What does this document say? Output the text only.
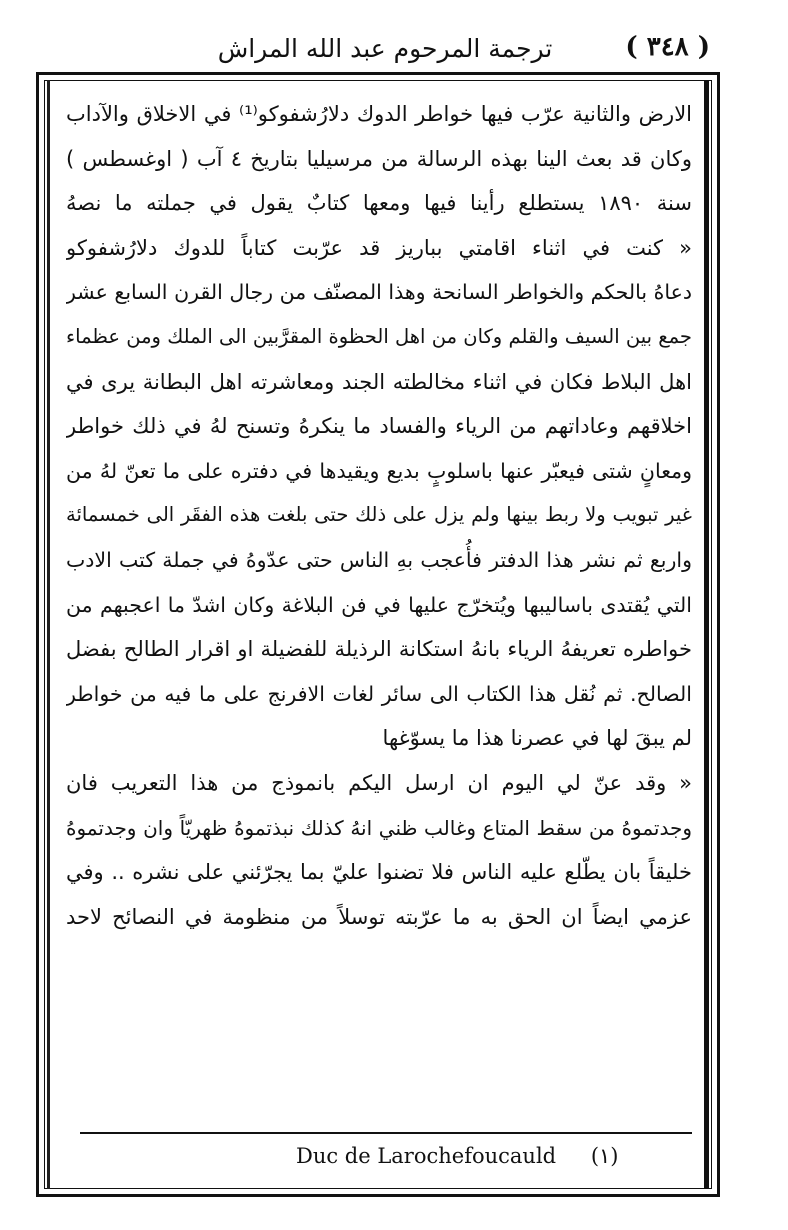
( ٣٤٨ )
ترجمة المرحوم عبد الله المراش
الارض والثانية عرّب فيها خواطر الدوك دلارُشفوكو⁽¹⁾ في الاخلاق والآداب
وكان قد بعث الينا بهذه الرسالة من مرسيليا بتاريخ ٤ آب ( اوغسطس )
سنة ١٨٩٠ يستطلع رأينا فيها ومعها كتابٌ يقول في جملته ما نصهُ
« كنت في اثناء اقامتي بباريز قد عرّبت كتاباً للدوك دلارُشفوكو
دعاهُ بالحكم والخواطر السانحة وهذا المصنّف من رجال القرن السابع عشر
جمع بين السيف والقلم وكان من اهل الحظوة المقرَّبين الى الملك ومن عظماء
اهل البلاط فكان في اثناء مخالطته الجند ومعاشرته اهل البطانة يرى في
اخلاقهم وعاداتهم من الرياء والفساد ما ينكرهُ وتسنح لهُ في ذلك خواطر
ومعانٍ شتى فيعبّر عنها باسلوبٍ بديع ويقيدها في دفتره على ما تعنّ لهُ من
غير تبويب ولا ربط بينها ولم يزل على ذلك حتى بلغت هذه الفقَر الى خمسمائة
واربع ثم نشر هذا الدفتر فأُعجب بهِ الناس حتى عدّوهُ في جملة كتب الادب
التي يُقتدى باساليبها ويُتخرّج عليها في فن البلاغة وكان اشدّ ما اعجبهم من
خواطره تعريفهُ الرياء بانهُ استكانة الرذيلة للفضيلة او اقرار الطالح بفضل
الصالح. ثم نُقل هذا الكتاب الى سائر لغات الافرنج على ما فيه من خواطر
لم يبقَ لها في عصرنا هذا ما يسوّغها
« وقد عنّ لي اليوم ان ارسل اليكم بانموذج من هذا التعريب فان
وجدتموهُ من سقط المتاع وغالب ظني انهُ كذلك نبذتموهُ ظهريّاً وان وجدتموهُ
خليقاً بان يطّلع عليه الناس فلا تضنوا عليّ بما يجرّئني على نشره .. وفي
عزمي ايضاً ان الحق به ما عرّبته توسلاً من منظومة في النصائح لاحد
Duc de Larochefoucauld (١)
